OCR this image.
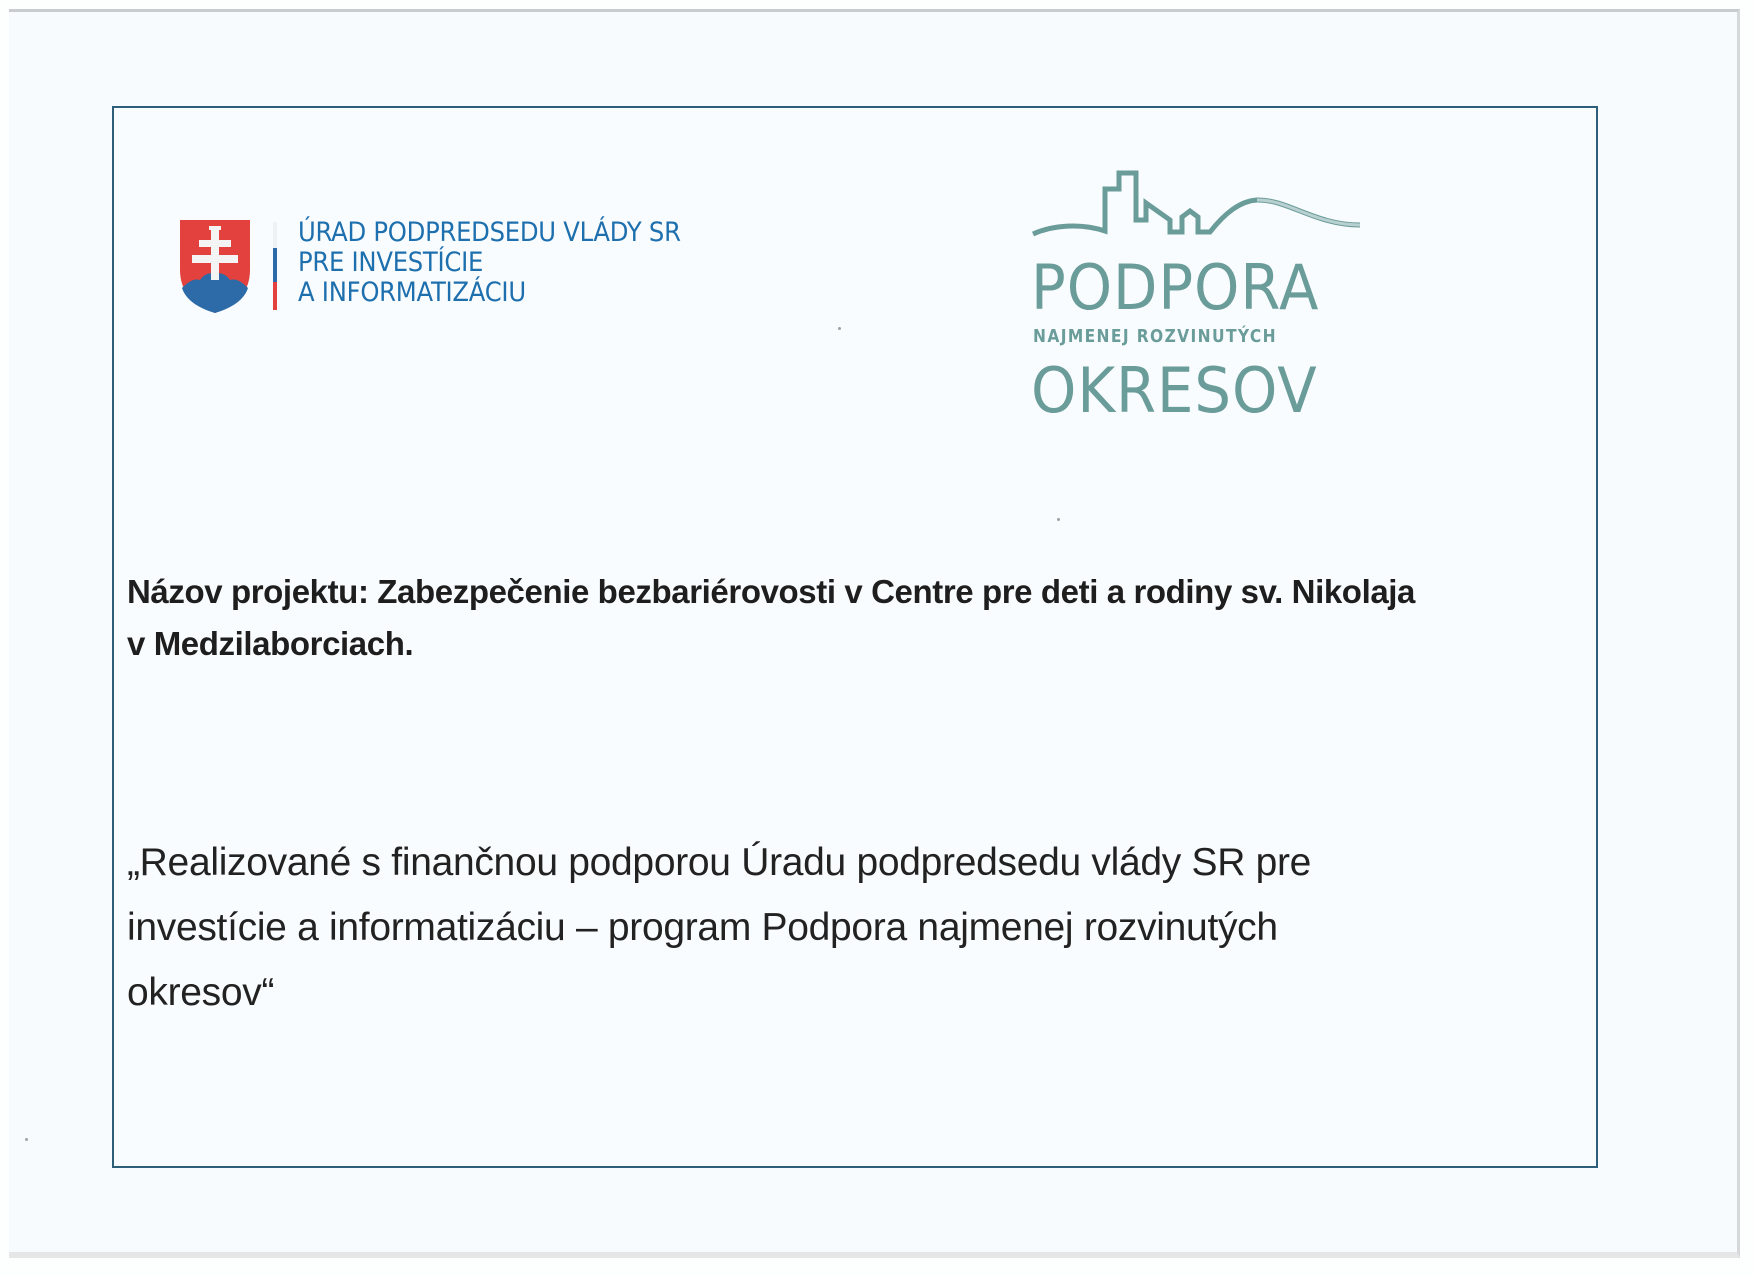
ÚRAD PODPREDSEDU VLÁDY SR
PRE INVESTÍCIE
A INFORMATIZÁCIU	PODPORA
NAJMENEJ ROZVINUTÝCH
OKRESOV
Názov projektu: Zabezpečenie bezbariérovosti v Centre pre deti a rodiny sv. Nikolaja
v Medzilaborciach.
„Realizované s finančnou podporou Úradu podpredsedu vlády SR pre
investície a informatizáciu – program Podpora najmenej rozvinutých
okresov“
